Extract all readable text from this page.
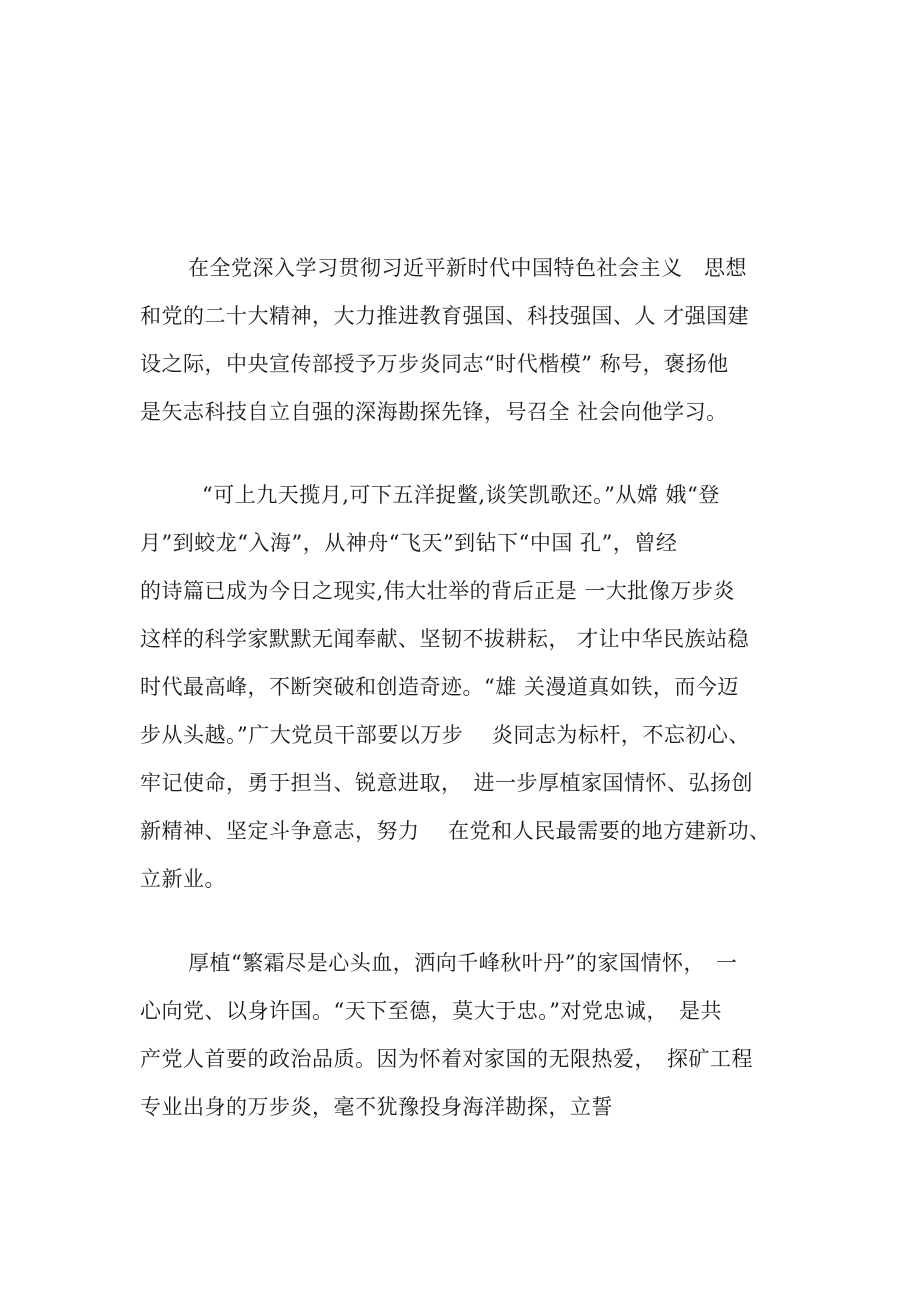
在全党深入学习贯彻习近平新时代中国特色社会主义　思想
和党的二十大精神，大力推进教育强国、科技强国、人 才强国建
设之际，中央宣传部授予万步炎同志“时代楷模” 称号，褒扬他
是矢志科技自立自强的深海勘探先锋，号召全 社会向他学习。
“可上九天揽月,可下五洋捉鳖,谈笑凯歌还。”从嫦 娥“登
月”到蛟龙“入海”，从神舟“飞天”到钻下“中国 孔”，曾经
的诗篇已成为今日之现实,伟大壮举的背后正是 一大批像万步炎
这样的科学家默默无闻奉献、坚韧不拔耕耘， 才让中华民族站稳
时代最高峰，不断突破和创造奇迹。“雄 关漫道真如铁，而今迈
步从头越。”广大党员干部要以万步　 炎同志为标杆，不忘初心、
牢记使命，勇于担当、锐意进取，　进一步厚植家国情怀、弘扬创
新精神、坚定斗争意志，努力　 在党和人民最需要的地方建新功、
立新业。
厚植“繁霜尽是心头血，洒向千峰秋叶丹”的家国情怀，　一
心向党、以身许国。“天下至德，莫大于忠。”对党忠诚，　是共
产党人首要的政治品质。因为怀着对家国的无限热爱，　探矿工程
专业出身的万步炎，毫不犹豫投身海洋勘探，立誓
